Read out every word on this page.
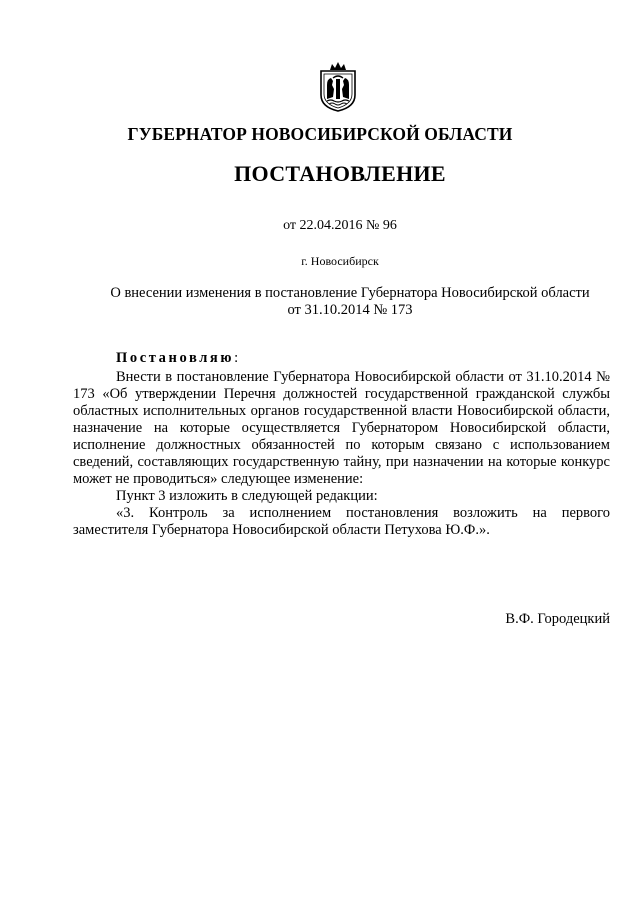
ГУБЕРНАТОР НОВОСИБИРСКОЙ ОБЛАСТИ
ПОСТАНОВЛЕНИЕ
от 22.04.2016 № 96
г. Новосибирск
О внесении изменения в постановление Губернатора Новосибирской области
от 31.10.2014 № 173
Постановляю:

Внести в постановление Губернатора Новосибирской области от 31.10.2014 № 173 «Об утверждении Перечня должностей государственной гражданской службы областных исполнительных органов государственной власти Новосибирской области, назначение на которые осуществляется Губернатором Новосибирской области, исполнение должностных обязанностей по которым связано с использованием сведений, составляющих государственную тайну, при назначении на которые конкурс может не проводиться» следующее изменение:

Пункт 3 изложить в следующей редакции:

«3. Контроль за исполнением постановления возложить на первого заместителя Губернатора Новосибирской области Петухова Ю.Ф.».

В.Ф. Городецкий
